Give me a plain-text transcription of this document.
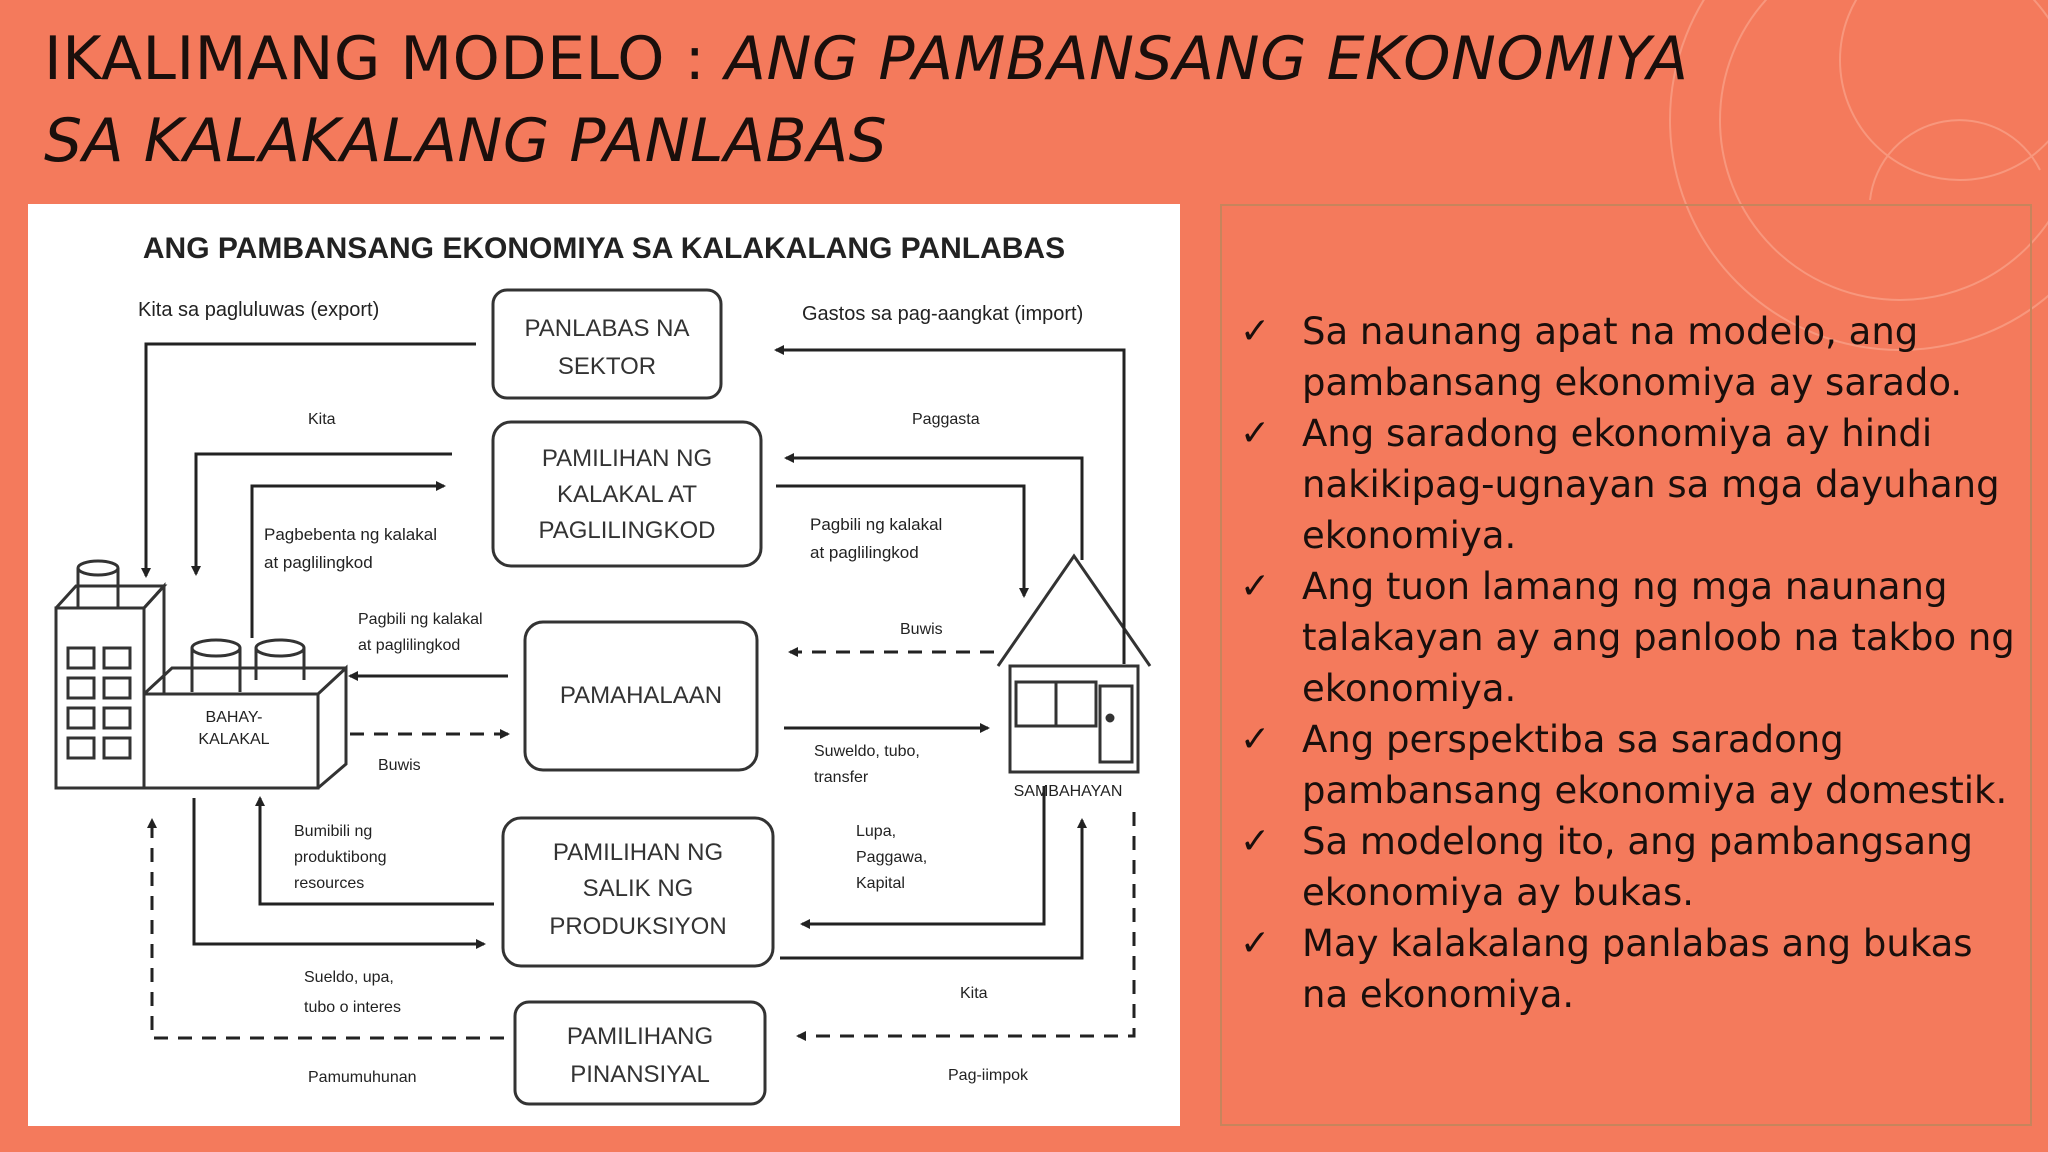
IKALIMANG MODELO : ANG PAMBANSANG EKONOMIYA SA KALAKALANG PANLABAS
ANG PAMBANSANG EKONOMIYA SA KALAKALANG PANLABAS
PANLABAS NA
SEKTOR
PAMILIHAN NG
KALAKAL AT
PAGLILINGKOD
PAMAHALAAN
PAMILIHAN NG
SALIK NG
PRODUKSIYON
PAMILIHANG
PINANSIYAL
BAHAY-
KALAKAL
SAMBAHAYAN
Kita sa pagluluwas (export)	Gastos sa pag-aangkat (import)
Kita	Paggasta
Pagbebenta ng kalakal
at paglilingkod
Pagbili ng kalakal
at paglilingkod
Pagbili ng kalakal
at paglilingkod
Buwis
Buwis
Suweldo, tubo,
transfer
Bumibili ng
produktibong
resources
Lupa,
Paggawa,
Kapital
Sueldo, upa,
tubo o interes
Kita
Pamumuhunan	Pag-iimpok
✓ Sa naunang apat na modelo, ang pambansang ekonomiya ay sarado.
✓ Ang saradong ekonomiya ay hindi nakikipag-ugnayan sa mga dayuhang ekonomiya.
✓ Ang tuon lamang ng mga naunang talakayan ay ang panloob na takbo ng ekonomiya.
✓ Ang perspektiba sa saradong pambansang ekonomiya ay domestik.
✓ Sa modelong ito, ang pambangsang ekonomiya ay bukas.
✓ May kalakalang panlabas ang bukas na ekonomiya.
